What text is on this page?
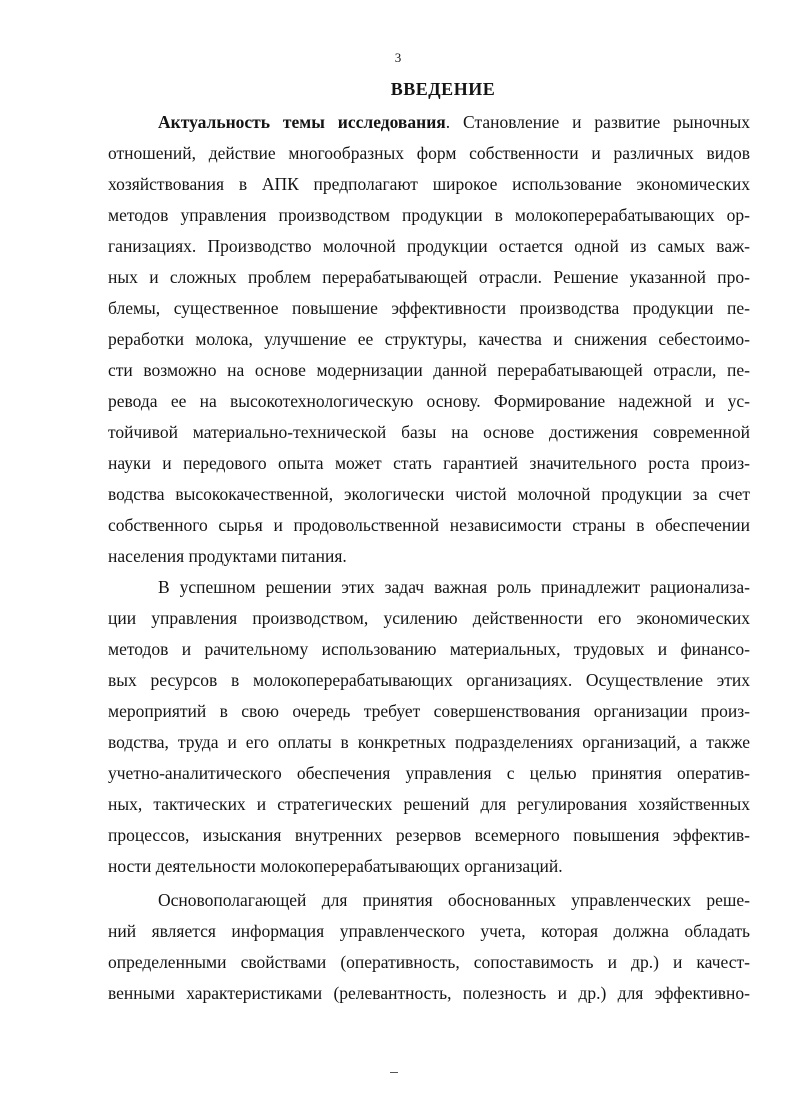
3
ВВЕДЕНИЕ
Актуальность темы исследования. Становление и развитие рыночных
отношений, действие многообразных форм собственности и различных видов
хозяйствования в АПК предполагают широкое использование экономических
методов управления производством продукции в молокоперерабатывающих ор-
ганизациях. Производство молочной продукции остается одной из самых важ-
ных и сложных проблем перерабатывающей отрасли. Решение указанной про-
блемы, существенное повышение эффективности производства продукции пе-
реработки молока, улучшение ее структуры, качества и снижения себестоимо-
сти возможно на основе модернизации данной перерабатывающей отрасли, пе-
ревода ее на высокотехнологическую основу. Формирование надежной и ус-
тойчивой материально-технической базы на основе достижения современной
науки и передового опыта может стать гарантией значительного роста произ-
водства высококачественной, экологически чистой молочной продукции за счет
собственного сырья и продовольственной независимости страны в обеспечении
населения продуктами питания.
В успешном решении этих задач важная роль принадлежит рационализа-
ции управления производством, усилению действенности его экономических
методов и рачительному использованию материальных, трудовых и финансо-
вых ресурсов в молокоперерабатывающих организациях. Осуществление этих
мероприятий в свою очередь требует совершенствования организации произ-
водства, труда и его оплаты в конкретных подразделениях организаций, а также
учетно-аналитического обеспечения управления с целью принятия оператив-
ных, тактических и стратегических решений для регулирования хозяйственных
процессов, изыскания внутренних резервов всемерного повышения эффектив-
ности деятельности молокоперерабатывающих организаций.
Основополагающей для принятия обоснованных управленческих реше-
ний является информация управленческого учета, которая должна обладать
определенными свойствами (оперативность, сопоставимость и др.) и качест-
венными характеристиками (релевантность, полезность и др.) для эффективно-
